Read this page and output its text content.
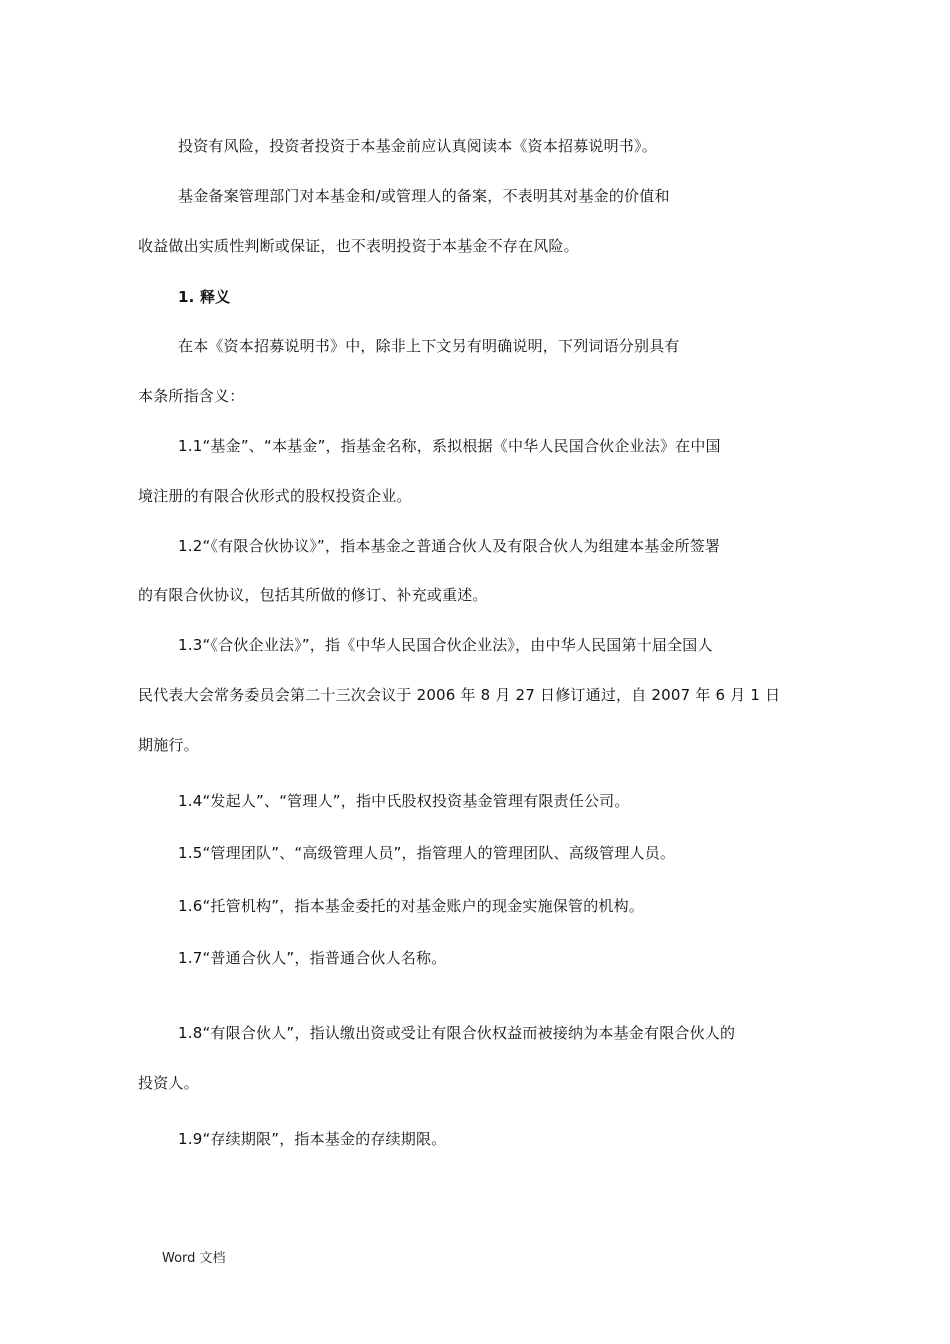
投资有风险，投资者投资于本基金前应认真阅读本《资本招募说明书》。
基金备案管理部门对本基金和/或管理人的备案，不表明其对基金的价值和
收益做出实质性判断或保证，也不表明投资于本基金不存在风险。
1. 释义
在本《资本招募说明书》中，除非上下文另有明确说明，下列词语分别具有
本条所指含义：
1.1“基金”、“本基金”，指基金名称，系拟根据《中华人民国合伙企业法》在中国
境注册的有限合伙形式的股权投资企业。
1.2“《有限合伙协议》”，指本基金之普通合伙人及有限合伙人为组建本基金所签署
的有限合伙协议，包括其所做的修订、补充或重述。
1.3“《合伙企业法》”，指《中华人民国合伙企业法》，由中华人民国第十届全国人
民代表大会常务委员会第二十三次会议于 2006 年 8 月 27 日修订通过，自 2007 年 6 月 1 日
期施行。
1.4“发起人”、“管理人”，指中氏股权投资基金管理有限责任公司。
1.5“管理团队”、“高级管理人员”，指管理人的管理团队、高级管理人员。
1.6“托管机构”，指本基金委托的对基金账户的现金实施保管的机构。
1.7“普通合伙人”，指普通合伙人名称。
1.8“有限合伙人”，指认缴出资或受让有限合伙权益而被接纳为本基金有限合伙人的
投资人。
1.9“存续期限”，指本基金的存续期限。
Word 文档
